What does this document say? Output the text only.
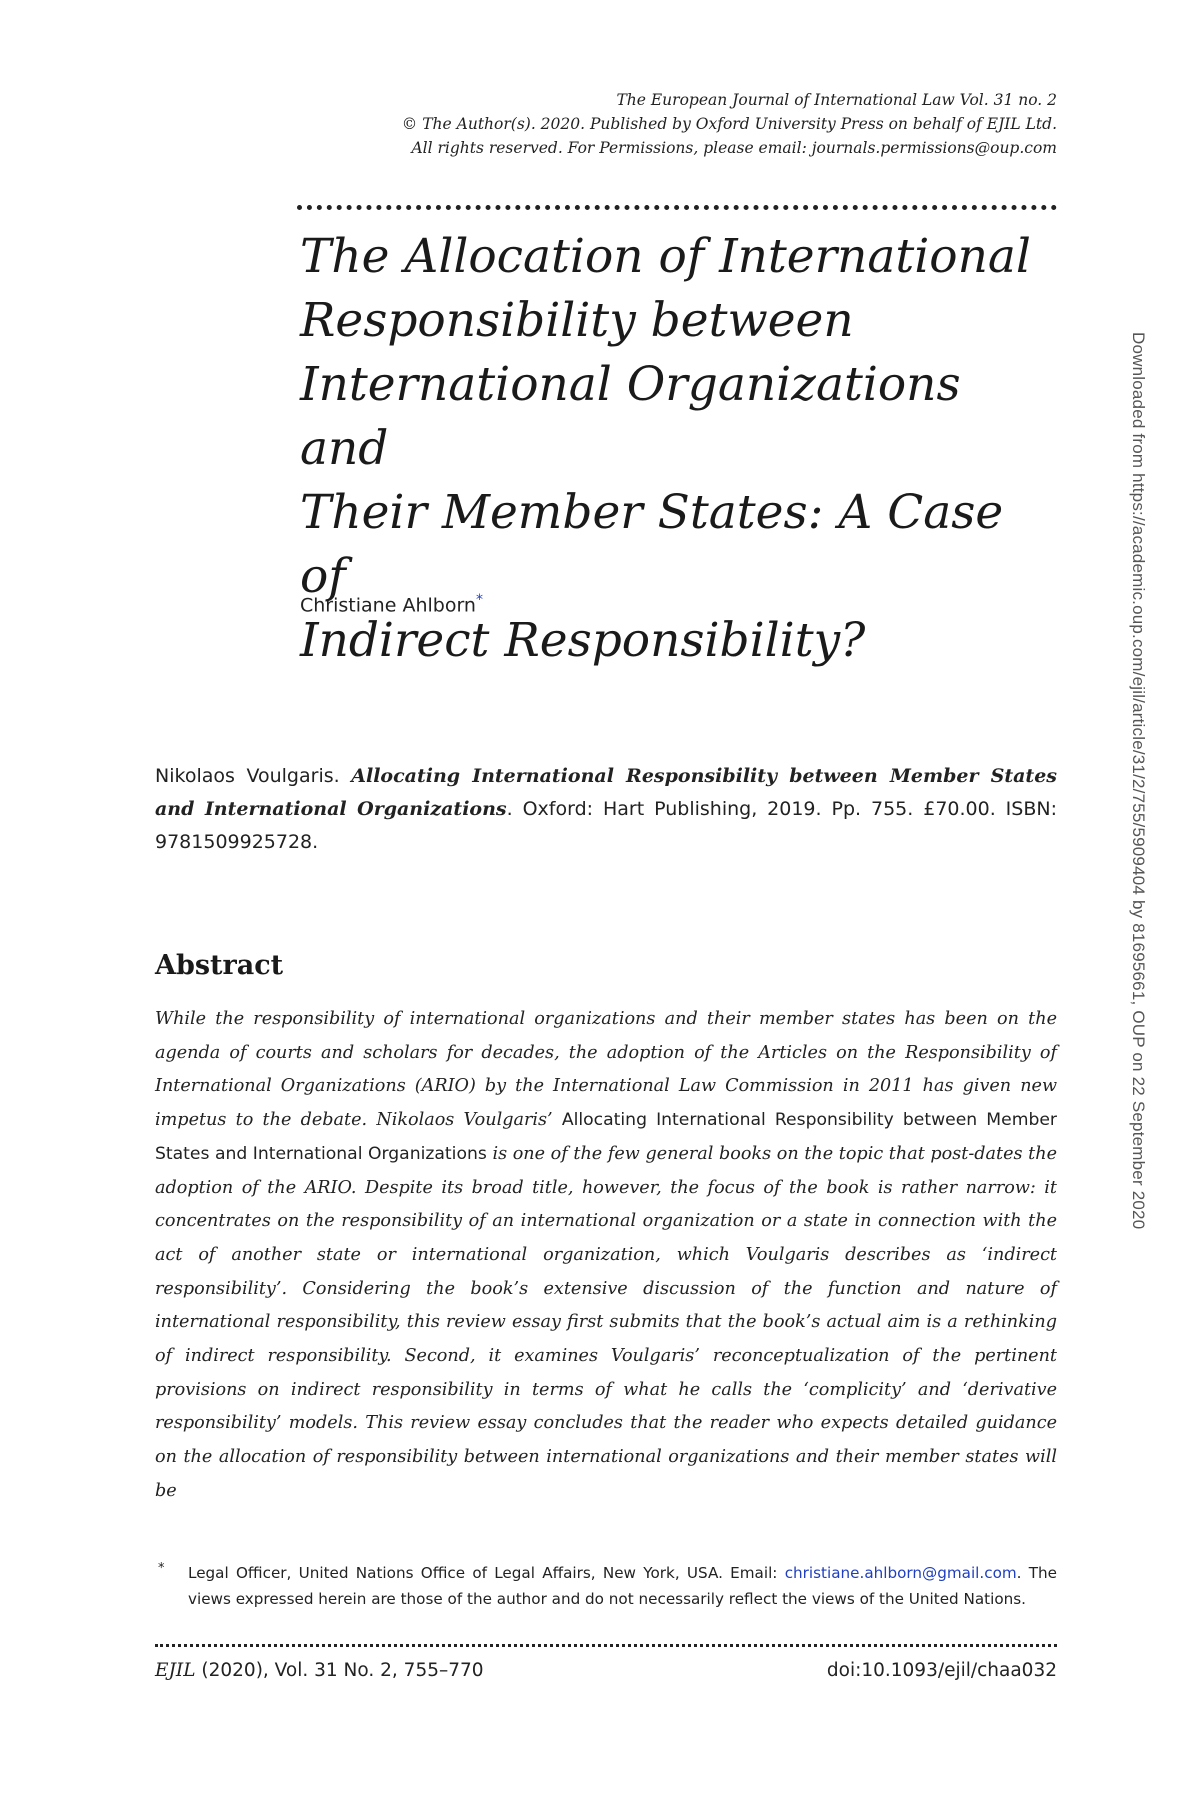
The European Journal of International Law Vol. 31 no. 2
© The Author(s). 2020. Published by Oxford University Press on behalf of EJIL Ltd.
All rights reserved. For Permissions, please email: journals.permissions@oup.com
The Allocation of International
Responsibility between
International Organizations and
Their Member States: A Case of
Indirect Responsibility?
Christiane Ahlborn*
Nikolaos Voulgaris. Allocating International Responsibility between Member States and International Organizations. Oxford: Hart Publishing, 2019. Pp. 755. £70.00. ISBN: 9781509925728.
Abstract

While the responsibility of international organizations and their member states has been on the agenda of courts and scholars for decades, the adoption of the Articles on the Responsibility of International Organizations (ARIO) by the International Law Commission in 2011 has given new impetus to the debate. Nikolaos Voulgaris’ Allocating International Responsibility between Member States and International Organizations is one of the few general books on the topic that post-dates the adoption of the ARIO. Despite its broad title, however, the focus of the book is rather narrow: it concentrates on the responsibility of an international organization or a state in connection with the act of another state or international organization, which Voulgaris describes as ‘indirect responsibility’. Considering the book’s extensive discussion of the function and nature of international responsibility, this review essay first submits that the book’s actual aim is a rethinking of indirect responsibility. Second, it examines Voulgaris’ reconceptualization of the pertinent provisions on indirect responsibility in terms of what he calls the ‘complicity’ and ‘derivative responsibility’ models. This review essay concludes that the reader who expects detailed guidance on the allocation of responsibility between international organizations and their member states will be

* Legal Officer, United Nations Office of Legal Affairs, New York, USA. Email: christiane.ahlborn@gmail.com. The views expressed herein are those of the author and do not necessarily reflect the views of the United Nations.
EJIL (2020), Vol. 31 No. 2, 755–770	doi:10.1093/ejil/chaa032
Downloaded from https://academic.oup.com/ejil/article/31/2/755/5909404 by 81695661, OUP on 22 September 2020
